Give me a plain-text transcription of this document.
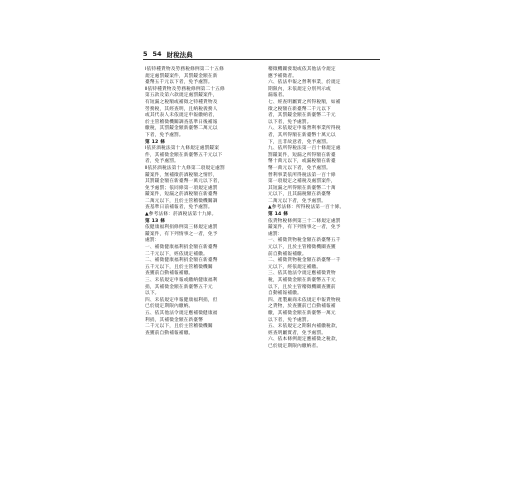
5 54 財稅法典
Ⅰ依特種貨物及勞務稅條例第二十五條
規定處罰鍰案件，其罰鍰金額在新
臺幣五千元以下者，免予處罰。
Ⅱ依特種貨物及勞務稅條例第二十五條
第五款及第六款規定處罰鍰案件，
有短漏之稅額或補徵之特種貨物及
勞務稅，其經查明，且納稅義務人
或其代表人未依規定申報繳納者，
於主管稽徵機關調查基準日後補報
繳稅，其罰鍰金額新臺幣二萬元以
下者，免予處罰。
第 12 條
Ⅰ依菸酒稅法第十九條規定處罰鍰案
件，其補徵金額在新臺幣五千元以下
者，免予處罰。
Ⅱ依菸酒稅法第十九條第二項規定處罰
鍰案件，無補徵菸酒稅額之情形，
其罰鍰金額在新臺幣一萬元以下者，
免予處罰；依同條第一項規定處罰
鍰案件，短漏之菸酒稅額在新臺幣
二萬元以下，且於主管稽徵機關調
查基準日前補報者，免予處罰。
▲參考法條：菸酒稅法第十九條。
第 13 條
依健康福利捐條例第三條規定處罰
鍰案件，有下列情事之一者，免予
處罰：
一、補徵健康福利捐金額在新臺幣
二千元以下，經依規定補繳。
二、補徵健康福利捐金額在新臺幣
五千元以下，且於主管稽徵機關
查獲前自動補報補繳。
三、未依規定申報或繳納健康福利
捐，其補徵金額在新臺幣五千元
以下。
四、未依規定申報健康福利捐，但
已於規定期限內繳納。
五、依其他法令規定應補徵健康福
利捐，其補徵金額在新臺幣
二千元以下，且於主管稽徵機關
查獲前自動補報補繳。
稽徵機關發現或依其他法令規定
應予補徵者。
六、依法申報之營利事業，於規定
期限內，未依規定分別列示或
漏報者。
七、經查明屬實之所得稅額，如補
徵之稅額在新臺幣二千元以下
者，其罰鍰金額在新臺幣二千元
以下者，免予處罰。
八、未依規定申報營利事業所得稅
者，其所得額在新臺幣十萬元以
下，且非故意者，免予處罰。
九、依所得稅法第一百十條規定處
罰鍰案件，短漏之所得額在新臺
幣十萬元以下，或漏稅額在新臺
幣一萬元以下者，免予處罰。
營利事業依所得稅法第一百十條
第一項規定之補稅及處罰案件，
其短漏之所得額在新臺幣二十萬
元以下，且其漏稅額在新臺幣
二萬元以下者，免予處罰。
▲參考法條：所得稅法第一百十條。
第 14 條
依貨物稅條例第三十二條規定處罰
鍰案件，有下列情事之一者，免予
處罰：
一、補徵貨物稅金額在新臺幣五千
元以下，且於主管稽徵機關查獲
前自動補報補繳。
二、補徵貨物稅金額在新臺幣一千
元以下，經依規定補繳。
三、依其他法令規定應補徵貨物
稅，其補徵金額在新臺幣五千元
以下，且於主管稽徵機關查獲前
自動補報補繳。
四、產製廠商未依規定申報貨物稅
之貨物，於查獲前已自動補報補
繳，其補徵金額在新臺幣一萬元
以下者，免予處罰。
五、未依規定之期限內補繳稅款，
經查明屬實者，免予處罰。
六、依本條例規定應補徵之稅款，
已於規定期限內繳納者。
